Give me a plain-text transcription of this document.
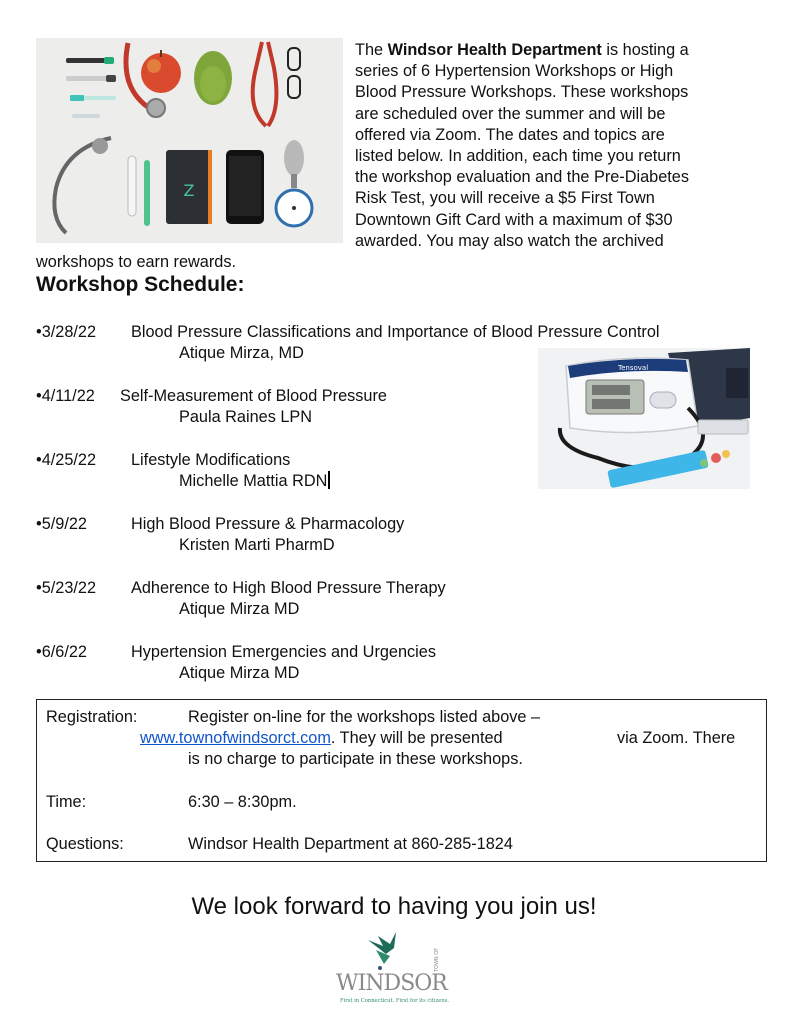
Z
The Windsor Health Department is hosting a
series of 6 Hypertension Workshops or High
Blood Pressure Workshops. These workshops
are scheduled over the summer and will be
offered via Zoom. The dates and topics are
listed below. In addition, each time you return
the workshop evaluation and the Pre-Diabetes
Risk Test, you will receive a $5 First Town
Downtown Gift Card with a maximum of $30
awarded. You may also watch the archived
workshops to earn rewards.
Workshop Schedule:
•3/28/22 Blood Pressure Classifications and Importance of Blood Pressure Control
Atique Mirza, MD
•4/11/22 Self-Measurement of Blood Pressure
Paula Raines LPN
•4/25/22 Lifestyle Modifications
Michelle Mattia RDN
•5/9/22	High Blood Pressure & Pharmacology
Kristen Marti PharmD
•5/23/22 Adherence to High Blood Pressure Therapy
Atique Mirza MD
•6/6/22	Hypertension Emergencies and Urgencies
Atique Mirza MD
Tensoval
Registration:	Register on-line for the workshops listed above –
www.townofwindsorct.com. They will be presented	via Zoom. There
is no charge to participate in these workshops.
Time:	6:30 – 8:30pm.
Questions:	Windsor Health Department at 860-285-1824
We look forward to having you join us!
TOWN OF
WINDSOR
First in Connecticut. First for its citizens.
